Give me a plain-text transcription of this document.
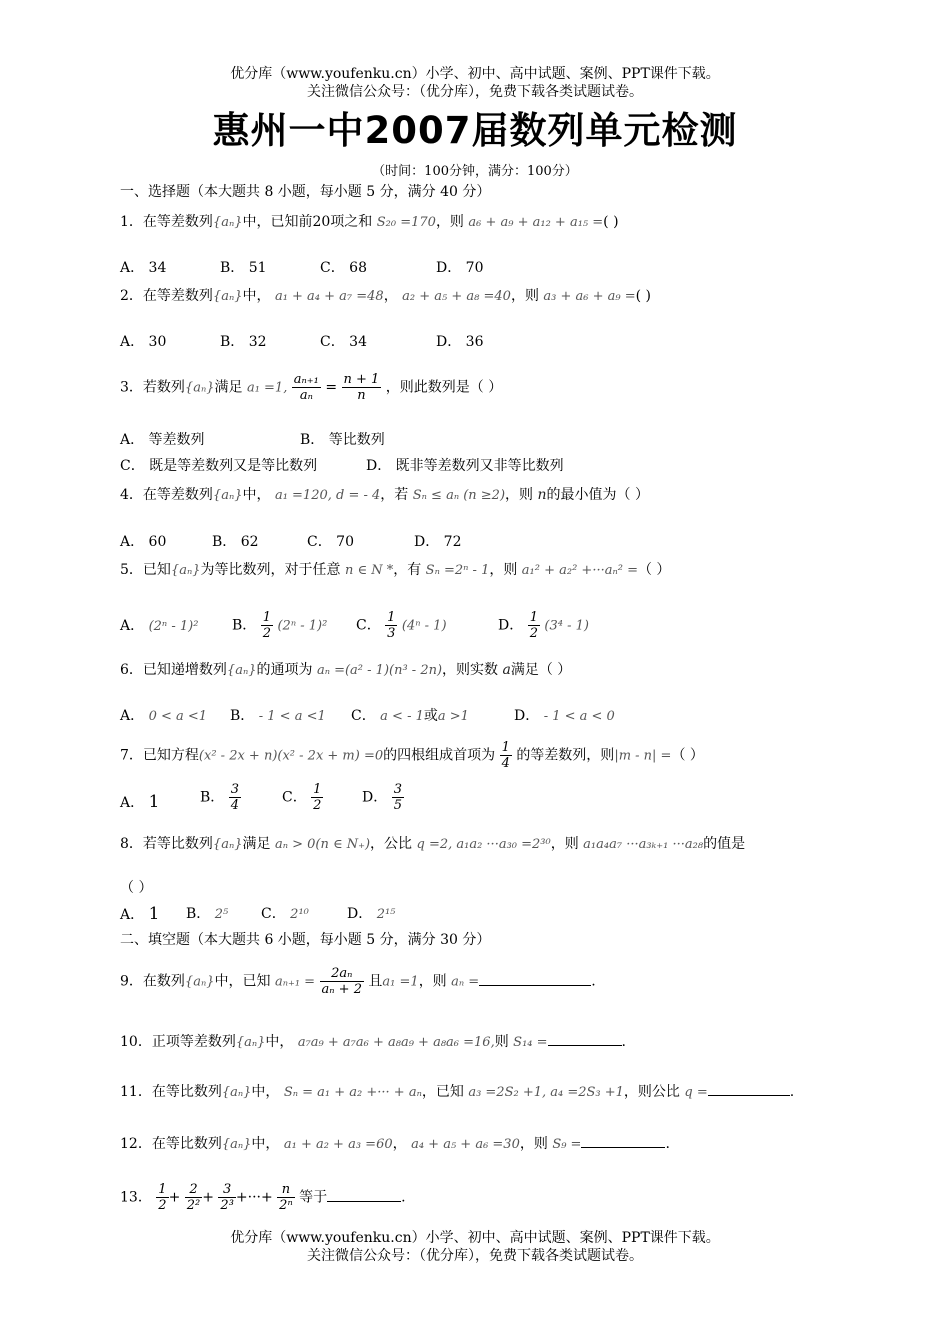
优分库（www.youfenku.cn）小学、初中、高中试题、案例、PPT课件下载。
关注微信公众号：（优分库），免费下载各类试题试卷。
惠州一中2007届数列单元检测
（时间：100分钟，满分：100分）
一、选择题（本大题共 8 小题，每小题 5 分，满分 40 分）
1．在等差数列{aₙ}中，已知前20项之和 S₂₀ =170，则 a₆ + a₉ + a₁₂ + a₁₅ =( )
A． 34	B． 51	C． 68	D． 70
2．在等差数列{aₙ}中， a₁ + a₄ + a₇ =48， a₂ + a₅ + a₈ =40，则 a₃ + a₆ + a₉ =( )
A． 30	B． 32	C． 34	D． 36
3．若数列{aₙ}满足 a₁ =1, $\frac{\text{aₙ₊₁}}{\text{aₙ}} = \frac{n + 1}{n}$ ，则此数列是（ ）
A． 等差数列	B． 等比数列
C． 既是等差数列又是等比数列	D． 既非等差数列又非等比数列
4．在等差数列{aₙ}中， a₁ =120, d = - 4，若 Sₙ ≤ aₙ (n ≥2)，则 n的最小值为（ ）
A． 60	B． 62	C． 70	D． 72
5．已知{aₙ}为等比数列，对于任意 n ∈ N *，有 Sₙ =2ⁿ - 1，则 a₁² + a₂² +···aₙ² =（ ）
A． (2ⁿ - 1)² B． $\frac{1}{2} (2^n - 1)^2$ C． $\frac{1}{3} (4^n - 1)$	D． $\frac{1}{2} (3^4 - 1)$
6．已知递增数列{aₙ}的通项为 aₙ =(a² - 1)(n³ - 2n)，则实数 a满足（ ）
A． 0 < a <1 B． - 1 < a <1 C． a < - 1或a >1	D． - 1 < a < 0
7．已知方程(x² - 2x + n)(x² - 2x + m) =0的四根组成首项为 $\frac{1}{4}$ 的等差数列，则|m - n| =（ ）
A． 1	B． $\frac{3}{4}$	C． $\frac{1}{2}$	D． $\frac{3}{5}$
8．若等比数列{aₙ}满足 aₙ > 0(n ∈ N₊)，公比 q =2, a₁a₂ ···a₃₀ =2³⁰，则 a₁a₄a₇ ···a₃ₖ₊₁ ···a₂₈的值是
（ ）
A． 1 B． 2⁵ C． 2¹⁰	D． 2¹⁵
二、填空题（本大题共 6 小题，每小题 5 分，满分 30 分）
9．在数列{aₙ}中，已知 $a_{n+1} = \frac{\text{2aₙ}}{\text{aₙ + 2}}$ 且a₁ =1，则 aₙ =	.
10．正项等差数列{aₙ}中， a₇a₉ + a₇a₆ + a₈a₉ + a₈a₆ =16,则 S₁₄ =	.
11．在等比数列{aₙ}中， Sₙ = a₁ + a₂ +··· + aₙ，已知 a₃ =2S₂ +1, a₄ =2S₃ +1，则公比 q =	.
12．在等比数列{aₙ}中， a₁ + a₂ + a₃ =60， a₄ + a₅ + a₆ =30，则 S₉ =	.
13． $\frac{1}{2} + \frac{2}{\text{2²}} + \frac{3}{\text{2³}}$ +···+ $\frac{n}{\text{2ⁿ}}$ 等于	.
优分库（www.youfenku.cn）小学、初中、高中试题、案例、PPT课件下载。
关注微信公众号：（优分库），免费下载各类试题试卷。
